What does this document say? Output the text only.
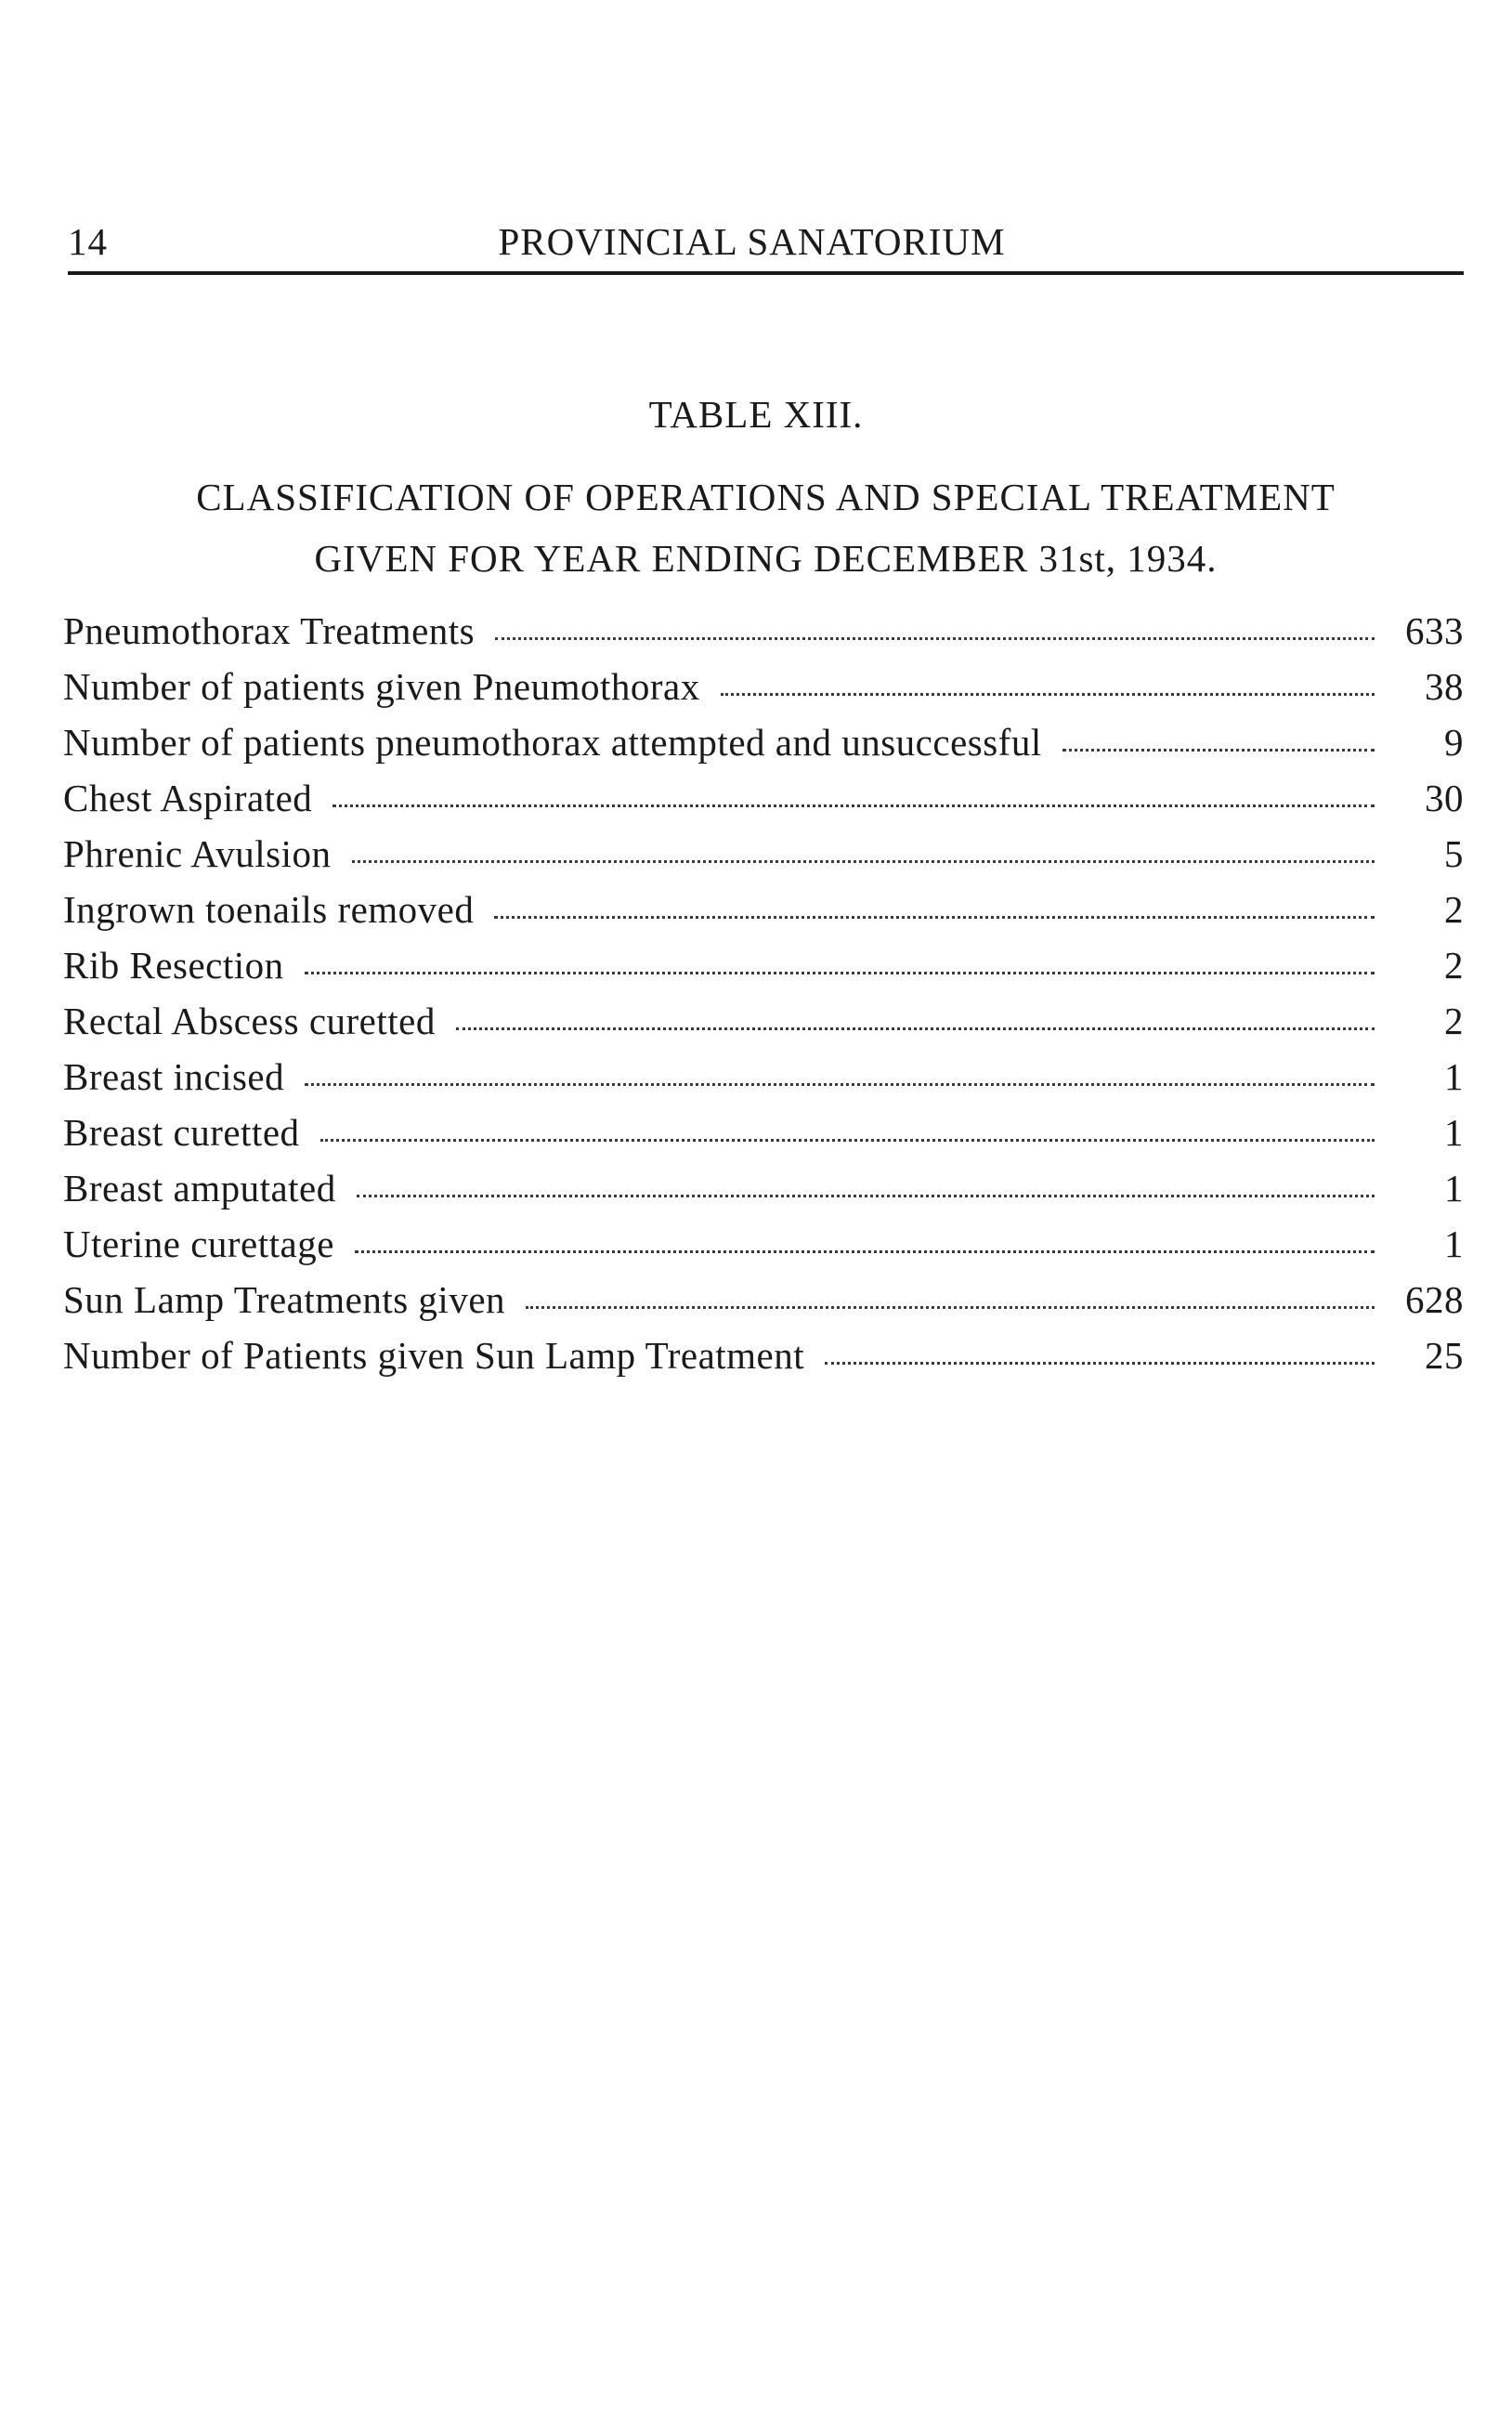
14	PROVINCIAL SANATORIUM
TABLE XIII.
CLASSIFICATION OF OPERATIONS AND SPECIAL TREATMENT
GIVEN FOR YEAR ENDING DECEMBER 31st, 1934.
Pneumothorax Treatments	633
Number of patients given Pneumothorax	38
Number of patients pneumothorax attempted and unsuccessful	9
Chest Aspirated	30
Phrenic Avulsion	5
Ingrown toenails removed	2
Rib Resection	2
Rectal Abscess curetted	2
Breast incised	1
Breast curetted	1
Breast amputated	1
Uterine curettage	1
Sun Lamp Treatments given	628
Number of Patients given Sun Lamp Treatment	25
